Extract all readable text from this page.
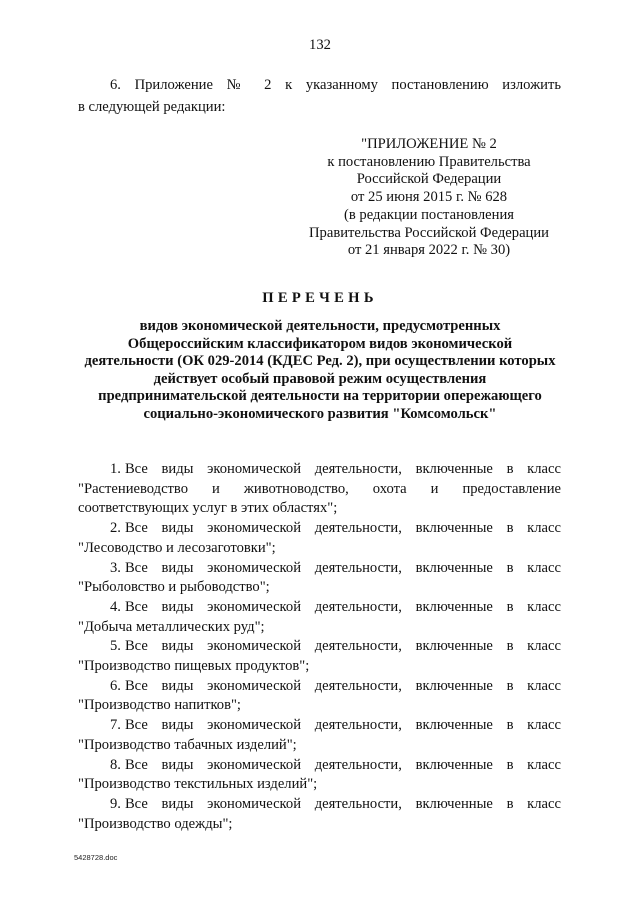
132
6. Приложение № 2 к указанному постановлению изложить
в следующей редакции:
"ПРИЛОЖЕНИЕ № 2
к постановлению Правительства
Российской Федерации
от 25 июня 2015 г. № 628
(в редакции постановления
Правительства Российской Федерации
от 21 января 2022 г. № 30)
ПЕРЕЧЕНЬ
видов экономической деятельности, предусмотренных
Общероссийским классификатором видов экономической
деятельности (ОК 029-2014 (КДЕС Ред. 2), при осуществлении которых
действует особый правовой режим осуществления
предпринимательской деятельности на территории опережающего
социально-экономического развития "Комсомольск"
1. Все виды экономической деятельности, включенные в класс
"Растениеводство и животноводство, охота и предоставление
соответствующих услуг в этих областях";
2. Все виды экономической деятельности, включенные в класс
"Лесоводство и лесозаготовки";
3. Все виды экономической деятельности, включенные в класс
"Рыболовство и рыбоводство";
4. Все виды экономической деятельности, включенные в класс
"Добыча металлических руд";
5. Все виды экономической деятельности, включенные в класс
"Производство пищевых продуктов";
6. Все виды экономической деятельности, включенные в класс
"Производство напитков";
7. Все виды экономической деятельности, включенные в класс
"Производство табачных изделий";
8. Все виды экономической деятельности, включенные в класс
"Производство текстильных изделий";
9. Все виды экономической деятельности, включенные в класс
"Производство одежды";
5428728.doc
